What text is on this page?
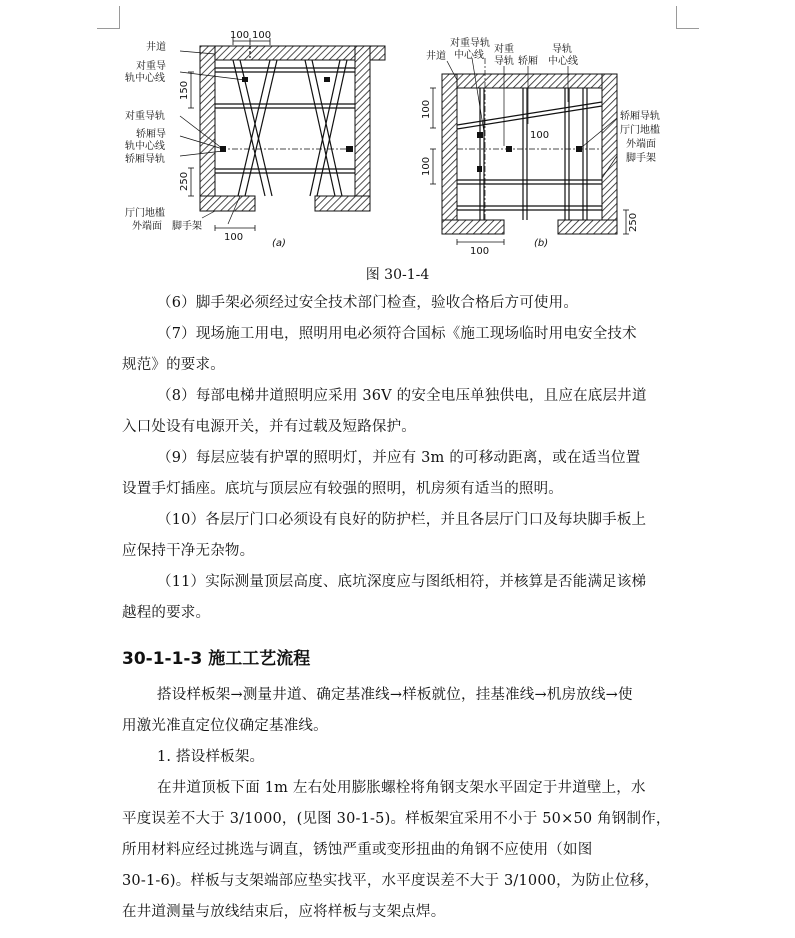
井道
对重导
轨中心线
对重导轨
轿厢导
轨中心线
轿厢导轨
厅门地槛
外端面 脚手架
100 100
150
250
100
(a)
井道
对重导轨
中心线
对重
导轨 轿厢
导轨
中心线
轿厢导轨
厅门地槛
外端面
脚手架
100
100
100
250
100
(b)
图 30-1-4
（6）脚手架必须经过安全技术部门检查，验收合格后方可使用。
（7）现场施工用电，照明用电必须符合国标《施工现场临时用电安全技术
规范》的要求。
（8）每部电梯井道照明应采用 36V 的安全电压单独供电，且应在底层井道
入口处设有电源开关，并有过载及短路保护。
（9）每层应装有护罩的照明灯，并应有 3m 的可移动距离，或在适当位置
设置手灯插座。底坑与顶层应有较强的照明，机房须有适当的照明。
（10）各层厅门口必须设有良好的防护栏，并且各层厅门口及每块脚手板上
应保持干净无杂物。
（11）实际测量顶层高度、底坑深度应与图纸相符，并核算是否能满足该梯
越程的要求。
30-1-1-3 施工工艺流程
搭设样板架→测量井道、确定基准线→样板就位，挂基准线→机房放线→使
用激光准直定位仪确定基准线。
1. 搭设样板架。
在井道顶板下面 1m 左右处用膨胀螺栓将角钢支架水平固定于井道壁上，水
平度误差不大于 3/1000，(见图 30-1-5)。样板架宜采用不小于 50×50 角钢制作，
所用材料应经过挑选与调直，锈蚀严重或变形扭曲的角钢不应使用（如图
30-1-6)。样板与支架端部应垫实找平，水平度误差不大于 3/1000，为防止位移，
在井道测量与放线结束后，应将样板与支架点焊。
